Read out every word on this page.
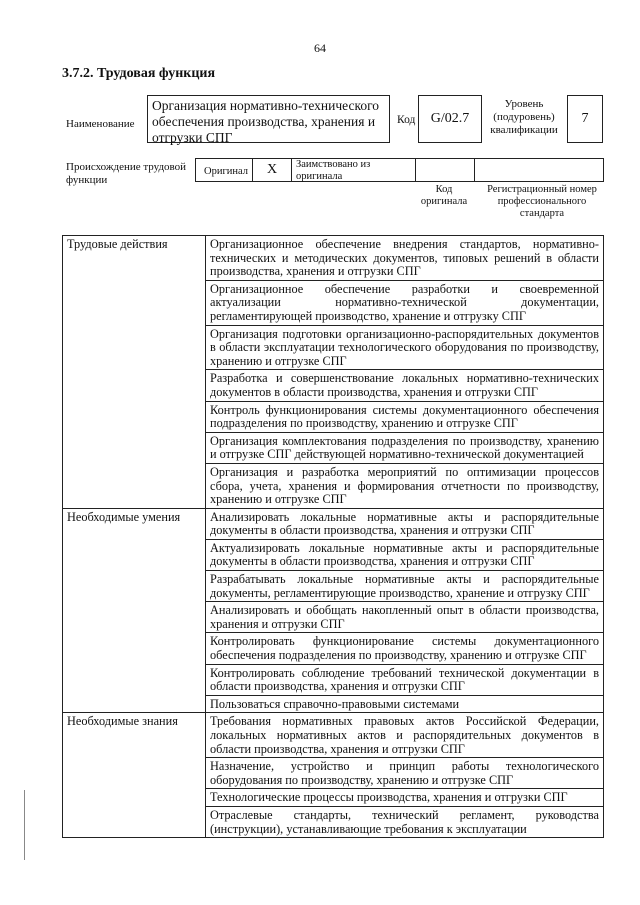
64
3.7.2. Трудовая функция
Наименование
Организация нормативно-технического обеспечения производства, хранения и отгрузки СПГ
Код G/02.7
Уровень (подуровень) квалификации
7
Происхождение трудовой функции
Оригинал X Заимствовано из оригинала
Код оригинала
Регистрационный номер профессионального стандарта
Трудовые действия	Организационное обеспечение внедрения стандартов, нормативно-технических и методических документов, типовых решений в области производства, хранения и отгрузки СПГ
	Организационное обеспечение разработки и своевременной актуализации нормативно-технической документации, регламентирующей производство, хранение и отгрузку СПГ
	Организация подготовки организационно-распорядительных документов в области эксплуатации технологического оборудования по производству, хранению и отгрузке СПГ
	Разработка и совершенствование локальных нормативно-технических документов в области производства, хранения и отгрузки СПГ
	Контроль функционирования системы документационного обеспечения подразделения по производству, хранению и отгрузке СПГ
	Организация комплектования подразделения по производству, хранению и отгрузке СПГ действующей нормативно-технической документацией
	Организация и разработка мероприятий по оптимизации процессов сбора, учета, хранения и формирования отчетности по производству, хранению и отгрузке СПГ
Необходимые умения	Анализировать локальные нормативные акты и распорядительные документы в области производства, хранения и отгрузки СПГ
	Актуализировать локальные нормативные акты и распорядительные документы в области производства, хранения и отгрузки СПГ
	Разрабатывать локальные нормативные акты и распорядительные документы, регламентирующие производство, хранение и отгрузку СПГ
	Анализировать и обобщать накопленный опыт в области производства, хранения и отгрузки СПГ
	Контролировать функционирование системы документационного обеспечения подразделения по производству, хранению и отгрузке СПГ
	Контролировать соблюдение требований технической документации в области производства, хранения и отгрузки СПГ
	Пользоваться справочно-правовыми системами
Необходимые знания	Требования нормативных правовых актов Российской Федерации, локальных нормативных актов и распорядительных документов в области производства, хранения и отгрузки СПГ
	Назначение, устройство и принцип работы технологического оборудования по производству, хранению и отгрузке СПГ
	Технологические процессы производства, хранения и отгрузки СПГ
	Отраслевые стандарты, технический регламент, руководства (инструкции), устанавливающие требования к эксплуатации
